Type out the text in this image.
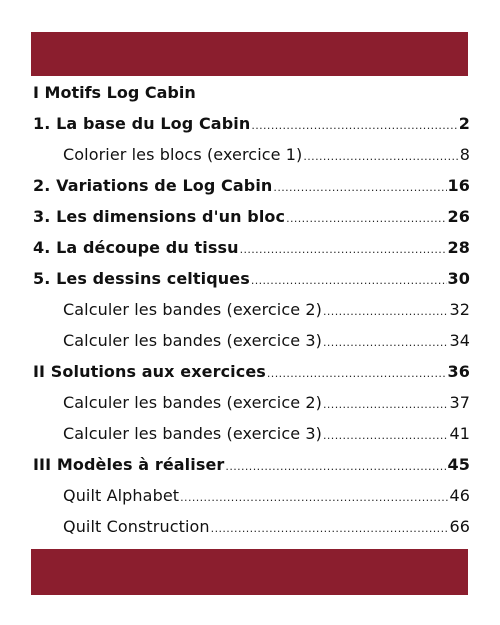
I Motifs Log Cabin
1. La base du Log Cabin .....	2
Colorier les blocs (exercice 1) .....	8
2. Variations de Log Cabin .....	16
3. Les dimensions d'un bloc .....	26
4. La découpe du tissu .....	28
5. Les dessins celtiques .....	30
Calculer les bandes (exercice 2) .....	32
Calculer les bandes (exercice 3) .....	34
II Solutions aux exercices .....	36
Calculer les bandes (exercice 2) .....	37
Calculer les bandes (exercice 3) .....	41
III Modèles à réaliser .....	45
Quilt Alphabet .....	46
Quilt Construction .....	66
